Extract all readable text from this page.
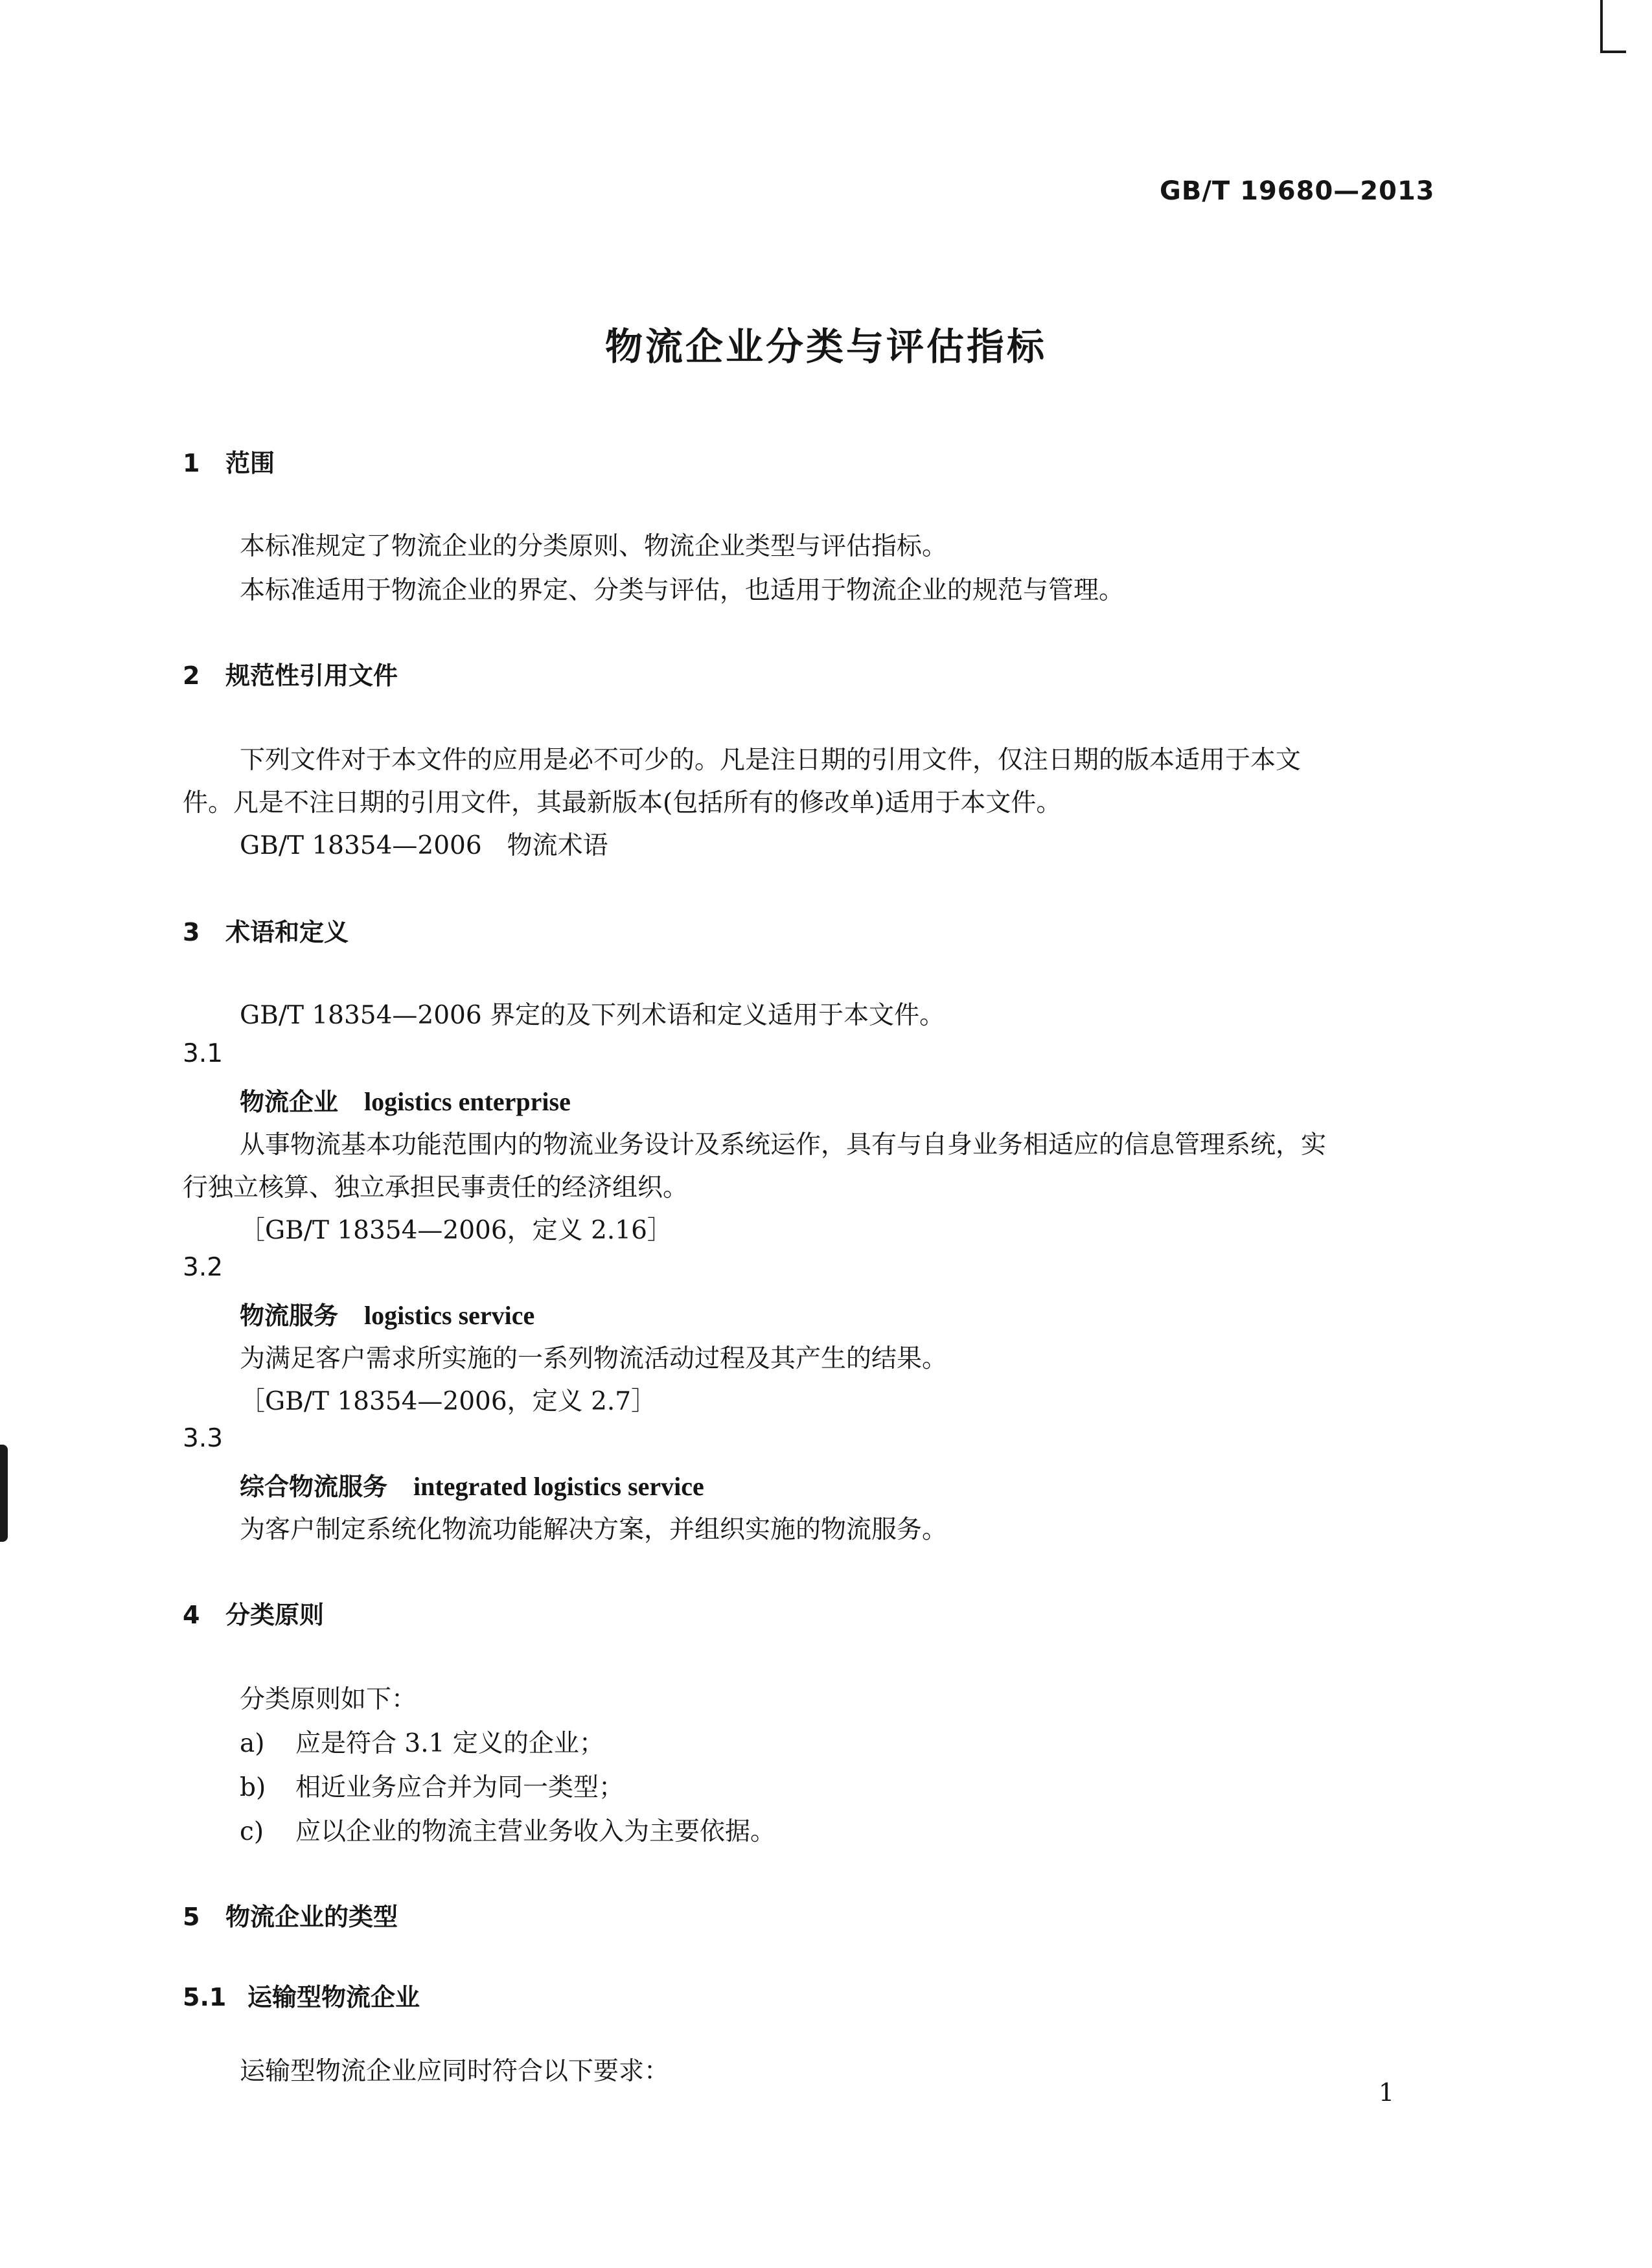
GB/T 19680—2013
物流企业分类与评估指标
1 范围
本标准规定了物流企业的分类原则、物流企业类型与评估指标。
本标准适用于物流企业的界定、分类与评估，也适用于物流企业的规范与管理。
2 规范性引用文件
下列文件对于本文件的应用是必不可少的。凡是注日期的引用文件，仅注日期的版本适用于本文
件。凡是不注日期的引用文件，其最新版本(包括所有的修改单)适用于本文件。
GB/T 18354—2006　物流术语
3 术语和定义
GB/T 18354—2006 界定的及下列术语和定义适用于本文件。
3.1
物流企业 logistics enterprise
从事物流基本功能范围内的物流业务设计及系统运作，具有与自身业务相适应的信息管理系统，实
行独立核算、独立承担民事责任的经济组织。
［GB/T 18354—2006，定义 2.16］
3.2
物流服务 logistics service
为满足客户需求所实施的一系列物流活动过程及其产生的结果。
［GB/T 18354—2006，定义 2.7］
3.3
综合物流服务 integrated logistics service
为客户制定系统化物流功能解决方案，并组织实施的物流服务。
4 分类原则
分类原则如下：
a) 应是符合 3.1 定义的企业；
b) 相近业务应合并为同一类型；
c) 应以企业的物流主营业务收入为主要依据。
5 物流企业的类型
5.1 运输型物流企业
运输型物流企业应同时符合以下要求：
1
